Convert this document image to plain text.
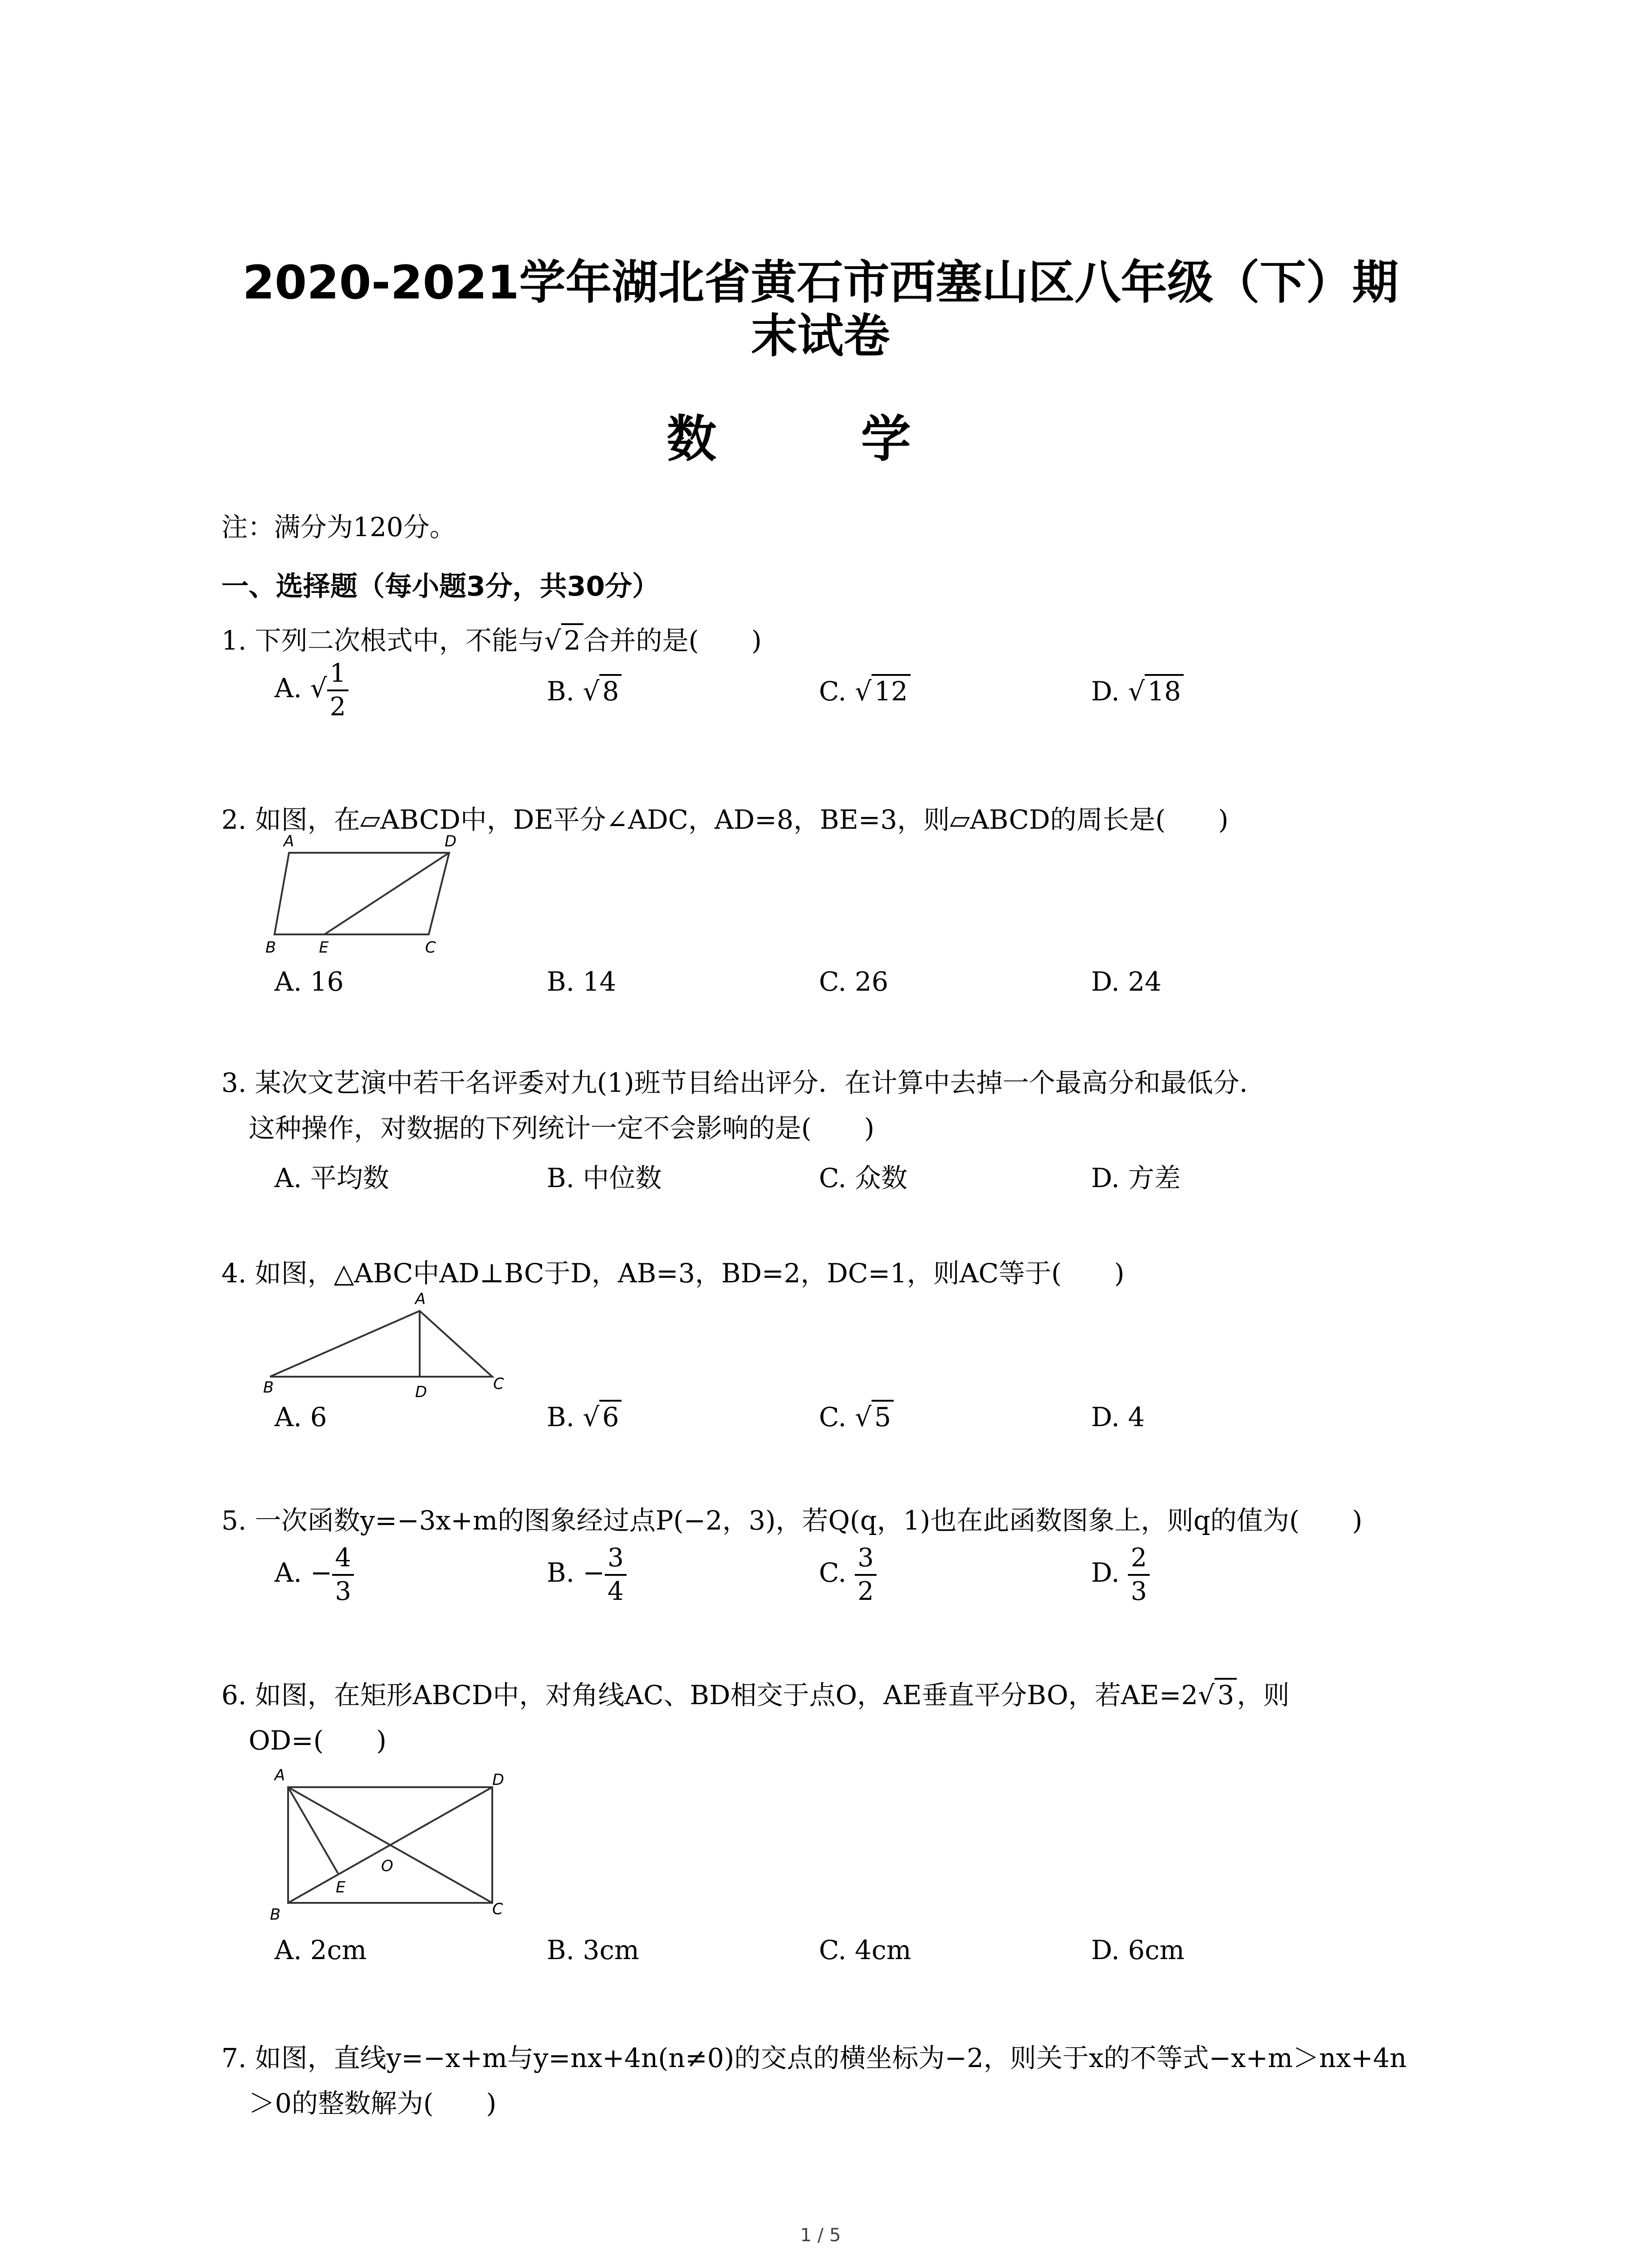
2020-2021学年湖北省黄石市西塞山区八年级（下）期
末试卷
数 学
注：满分为120分。
一、选择题（每小题3分，共30分）
1. 下列二次根式中，不能与√ 2 合并的是(　　)
A. √ $\frac{1}{2}$	B. √ 8	C. √ 12	D. √ 18
2. 如图，在▱ABCD中，DE平分∠ADC，AD=8，BE=3，则▱ABCD的周长是(　　)
A	D
B	E	C
A. 16	B. 14	C. 26	D. 24
3. 某次文艺演中若干名评委对九(1)班节目给出评分．在计算中去掉一个最高分和最低分．
这种操作，对数据的下列统计一定不会影响的是(　　)
A. 平均数	B. 中位数	C. 众数	D. 方差
4. 如图，△ABC中AD⊥BC于D，AB=3，BD=2，DC=1，则AC等于(　　)
A
B	D	C
A. 6	B. √ 6	C. √ 5	D. 4
5. 一次函数y=−3x+m的图象经过点P(−2，3)，若Q(q，1)也在此函数图象上，则q的值为(　　)
A. − $\frac{4}{3}$	B. − $\frac{3}{4}$	C. $\frac{3}{2}$	D. $\frac{2}{3}$
6. 如图，在矩形ABCD中，对角线AC、BD相交于点O，AE垂直平分BO，若AE=2√ 3 ，则
OD=(　　)
A	D
B	C
E
O
A. 2cm	B. 3cm	C. 4cm	D. 6cm
7. 如图，直线y=−x+m与y=nx+4n(n≠0)的交点的横坐标为−2，则关于x的不等式−x+m＞nx+4n
＞0的整数解为(　　)
1 / 5
